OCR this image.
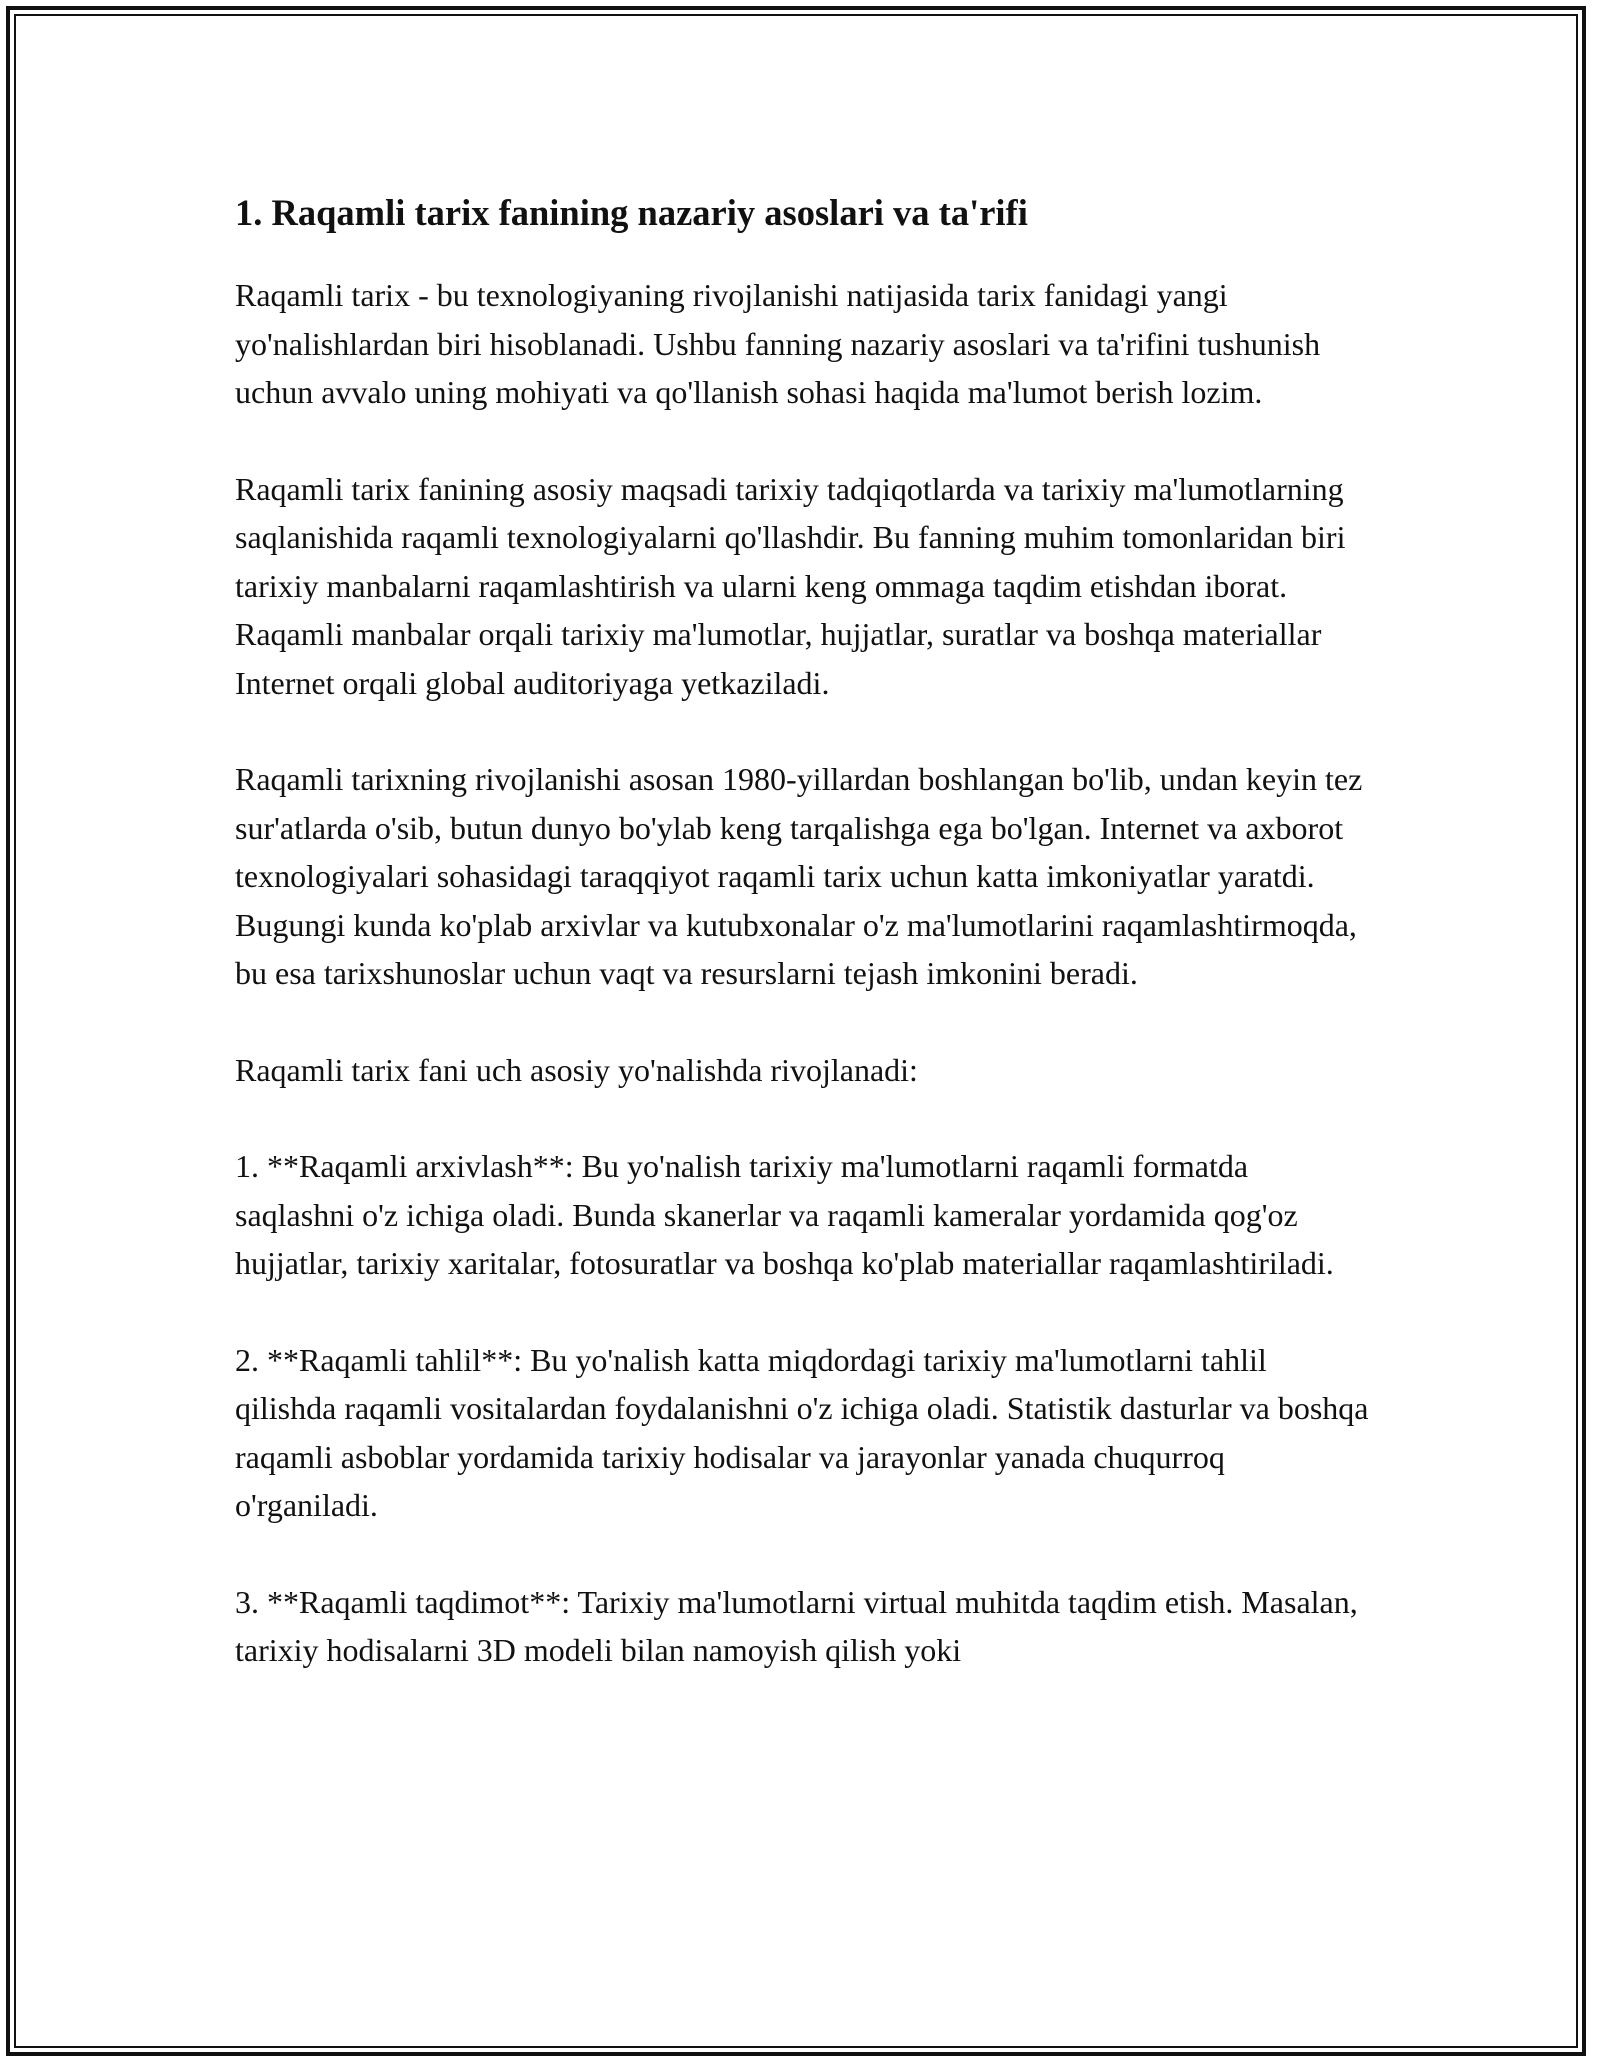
1. Raqamli tarix fanining nazariy asoslari va ta'rifi

Raqamli tarix - bu texnologiyaning rivojlanishi natijasida tarix fanidagi yangi yo'nalishlardan biri hisoblanadi. Ushbu fanning nazariy asoslari va ta'rifini tushunish uchun avvalo uning mohiyati va qo'llanish sohasi haqida ma'lumot berish lozim.

Raqamli tarix fanining asosiy maqsadi tarixiy tadqiqotlarda va tarixiy ma'lumotlarning saqlanishida raqamli texnologiyalarni qo'llashdir. Bu fanning muhim tomonlaridan biri tarixiy manbalarni raqamlashtirish va ularni keng ommaga taqdim etishdan iborat. Raqamli manbalar orqali tarixiy ma'lumotlar, hujjatlar, suratlar va boshqa materiallar Internet orqali global auditoriyaga yetkaziladi.

Raqamli tarixning rivojlanishi asosan 1980-yillardan boshlangan bo'lib, undan keyin tez sur'atlarda o'sib, butun dunyo bo'ylab keng tarqalishga ega bo'lgan. Internet va axborot texnologiyalari sohasidagi taraqqiyot raqamli tarix uchun katta imkoniyatlar yaratdi. Bugungi kunda ko'plab arxivlar va kutubxonalar o'z ma'lumotlarini raqamlashtirmoqda, bu esa tarixshunoslar uchun vaqt va resurslarni tejash imkonini beradi.

Raqamli tarix fani uch asosiy yo'nalishda rivojlanadi:

1. **Raqamli arxivlash**: Bu yo'nalish tarixiy ma'lumotlarni raqamli formatda saqlashni o'z ichiga oladi. Bunda skanerlar va raqamli kameralar yordamida qog'oz hujjatlar, tarixiy xaritalar, fotosuratlar va boshqa ko'plab materiallar raqamlashtiriladi.

2. **Raqamli tahlil**: Bu yo'nalish katta miqdordagi tarixiy ma'lumotlarni tahlil qilishda raqamli vositalardan foydalanishni o'z ichiga oladi. Statistik dasturlar va boshqa raqamli asboblar yordamida tarixiy hodisalar va jarayonlar yanada chuqurroq o'rganiladi.

3. **Raqamli taqdimot**: Tarixiy ma'lumotlarni virtual muhitda taqdim etish. Masalan, tarixiy hodisalarni 3D modeli bilan namoyish qilish yoki
